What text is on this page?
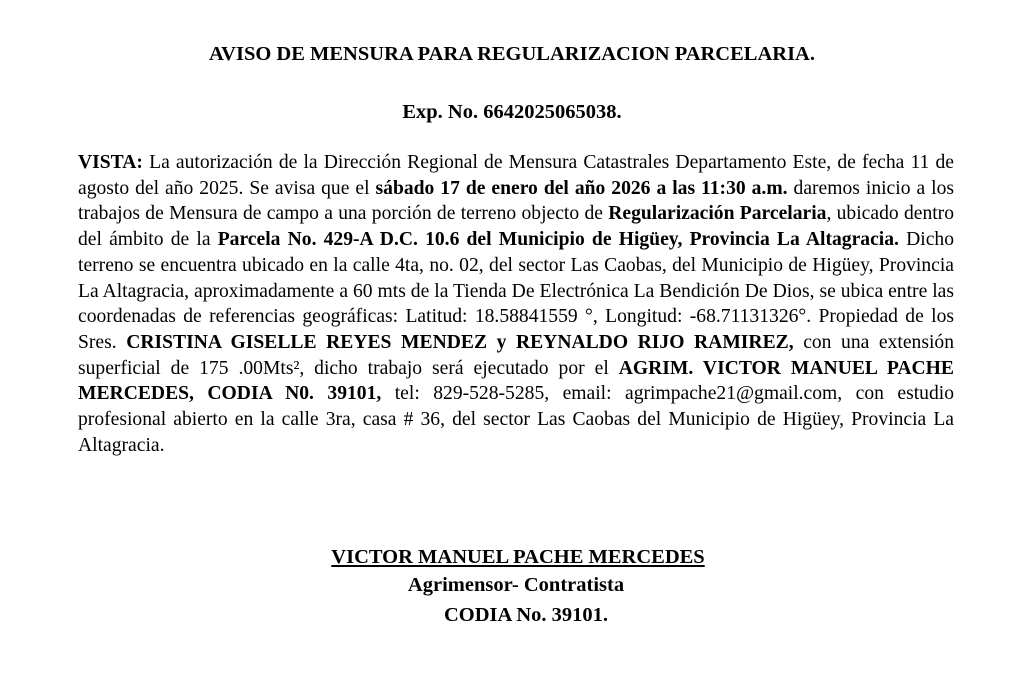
AVISO DE MENSURA PARA REGULARIZACION PARCELARIA.
Exp. No. 6642025065038.
VISTA: La autorización de la Dirección Regional de Mensura Catastrales Departamento Este, de fecha 11 de agosto del año 2025. Se avisa que el sábado 17 de enero del año 2026 a las 11:30 a.m. daremos inicio a los trabajos de Mensura de campo a una porción de terreno objecto de Regularización Parcelaria, ubicado dentro del ámbito de la Parcela No. 429-A D.C. 10.6 del Municipio de Higüey, Provincia La Altagracia. Dicho terreno se encuentra ubicado en la calle 4ta, no. 02, del sector Las Caobas, del Municipio de Higüey, Provincia La Altagracia, aproximadamente a 60 mts de la Tienda De Electrónica La Bendición De Dios, se ubica entre las coordenadas de referencias geográficas: Latitud: 18.58841559 °, Longitud: -68.71131326°. Propiedad de los Sres. CRISTINA GISELLE REYES MENDEZ y REYNALDO RIJO RAMIREZ, con una extensión superficial de 175 .00Mts², dicho trabajo será ejecutado por el AGRIM. VICTOR MANUEL PACHE MERCEDES, CODIA N0. 39101, tel: 829-528-5285, email: agrimpache21@gmail.com, con estudio profesional abierto en la calle 3ra, casa # 36, del sector Las Caobas del Municipio de Higüey, Provincia La Altagracia.
VICTOR MANUEL PACHE MERCEDES
Agrimensor- Contratista
CODIA No. 39101.
